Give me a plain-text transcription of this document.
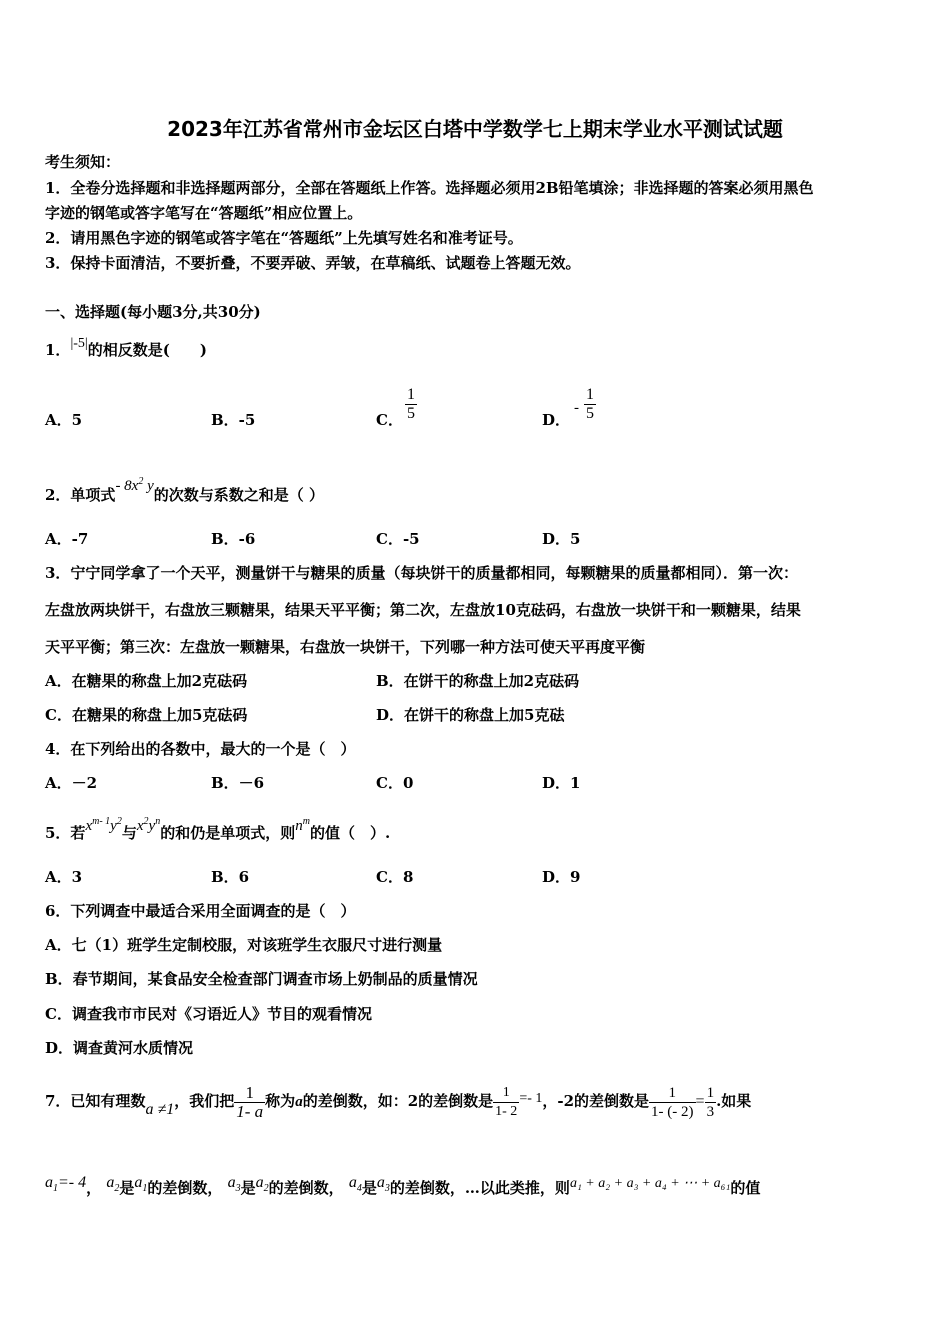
2023年江苏省常州市金坛区白塔中学数学七上期末学业水平测试试题
考生须知：
1．全卷分选择题和非选择题两部分，全部在答题纸上作答。选择题必须用2B铅笔填涂；非选择题的答案必须用黑色
字迹的钢笔或答字笔写在“答题纸”相应位置上。
2．请用黑色字迹的钢笔或答字笔在“答题纸”上先填写姓名和准考证号。
3．保持卡面清洁，不要折叠，不要弄破、弄皱，在草稿纸、试题卷上答题无效。
一、选择题(每小题3分,共30分)
1．|-5|的相反数是(　　)
A．5	B．-5	C． $\frac{1}{5}$	D．
- $\frac{1}{5}$
2．单项式- $8x^2$ y的次数与系数之和是（ ）
A．-7	B．-6	C．-5	D．5
3．宁宁同学拿了一个天平，测量饼干与糖果的质量（每块饼干的质量都相同，每颗糖果的质量都相同）．第一次：
左盘放两块饼干，右盘放三颗糖果，结果天平平衡；第二次，左盘放10克砝码，右盘放一块饼干和一颗糖果，结果
天平平衡；第三次：左盘放一颗糖果，右盘放一块饼干，下列哪一种方法可使天平再度平衡
A．在糖果的称盘上加2克砝码	B．在饼干的称盘上加2克砝码
C．在糖果的称盘上加5克砝码	D．在饼干的称盘上加5克砝
4．在下列给出的各数中，最大的一个是（　）
A．－2	B．－6	C．0	D．1
5．若$x^{m- 1}y^2$与$x^2y^n$的和仍是单项式，则$n^m$的值（　）.
A．3	B．6	C．8	D．9
6．下列调查中最适合采用全面调查的是（　）
A．七（1）班学生定制校服，对该班学生衣服尺寸进行测量
B．春节期间，某食品安全检查部门调查市场上奶制品的质量情况
C．调查我市市民对《习语近人》节目的观看情况
D．调查黄河水质情况
7．已知有理数a ≠1，我们把 $\frac{1}{1- a}$ 称为a的差倒数，如：2的差倒数是 $\frac{1}{1- 2} =- 1$，-2的差倒数是 $\frac{1}{1- (- 2)} = \frac{1}{3}$ .如果
$a_1=-$ 4， $a_2$是$a_1$的差倒数， $a_3$是$a_2$的差倒数， $a_4$是$a_3$的差倒数，…以此类推，则a₁ + a₂ + a₃ + a₄ + ⋯ + a₆₁的值
